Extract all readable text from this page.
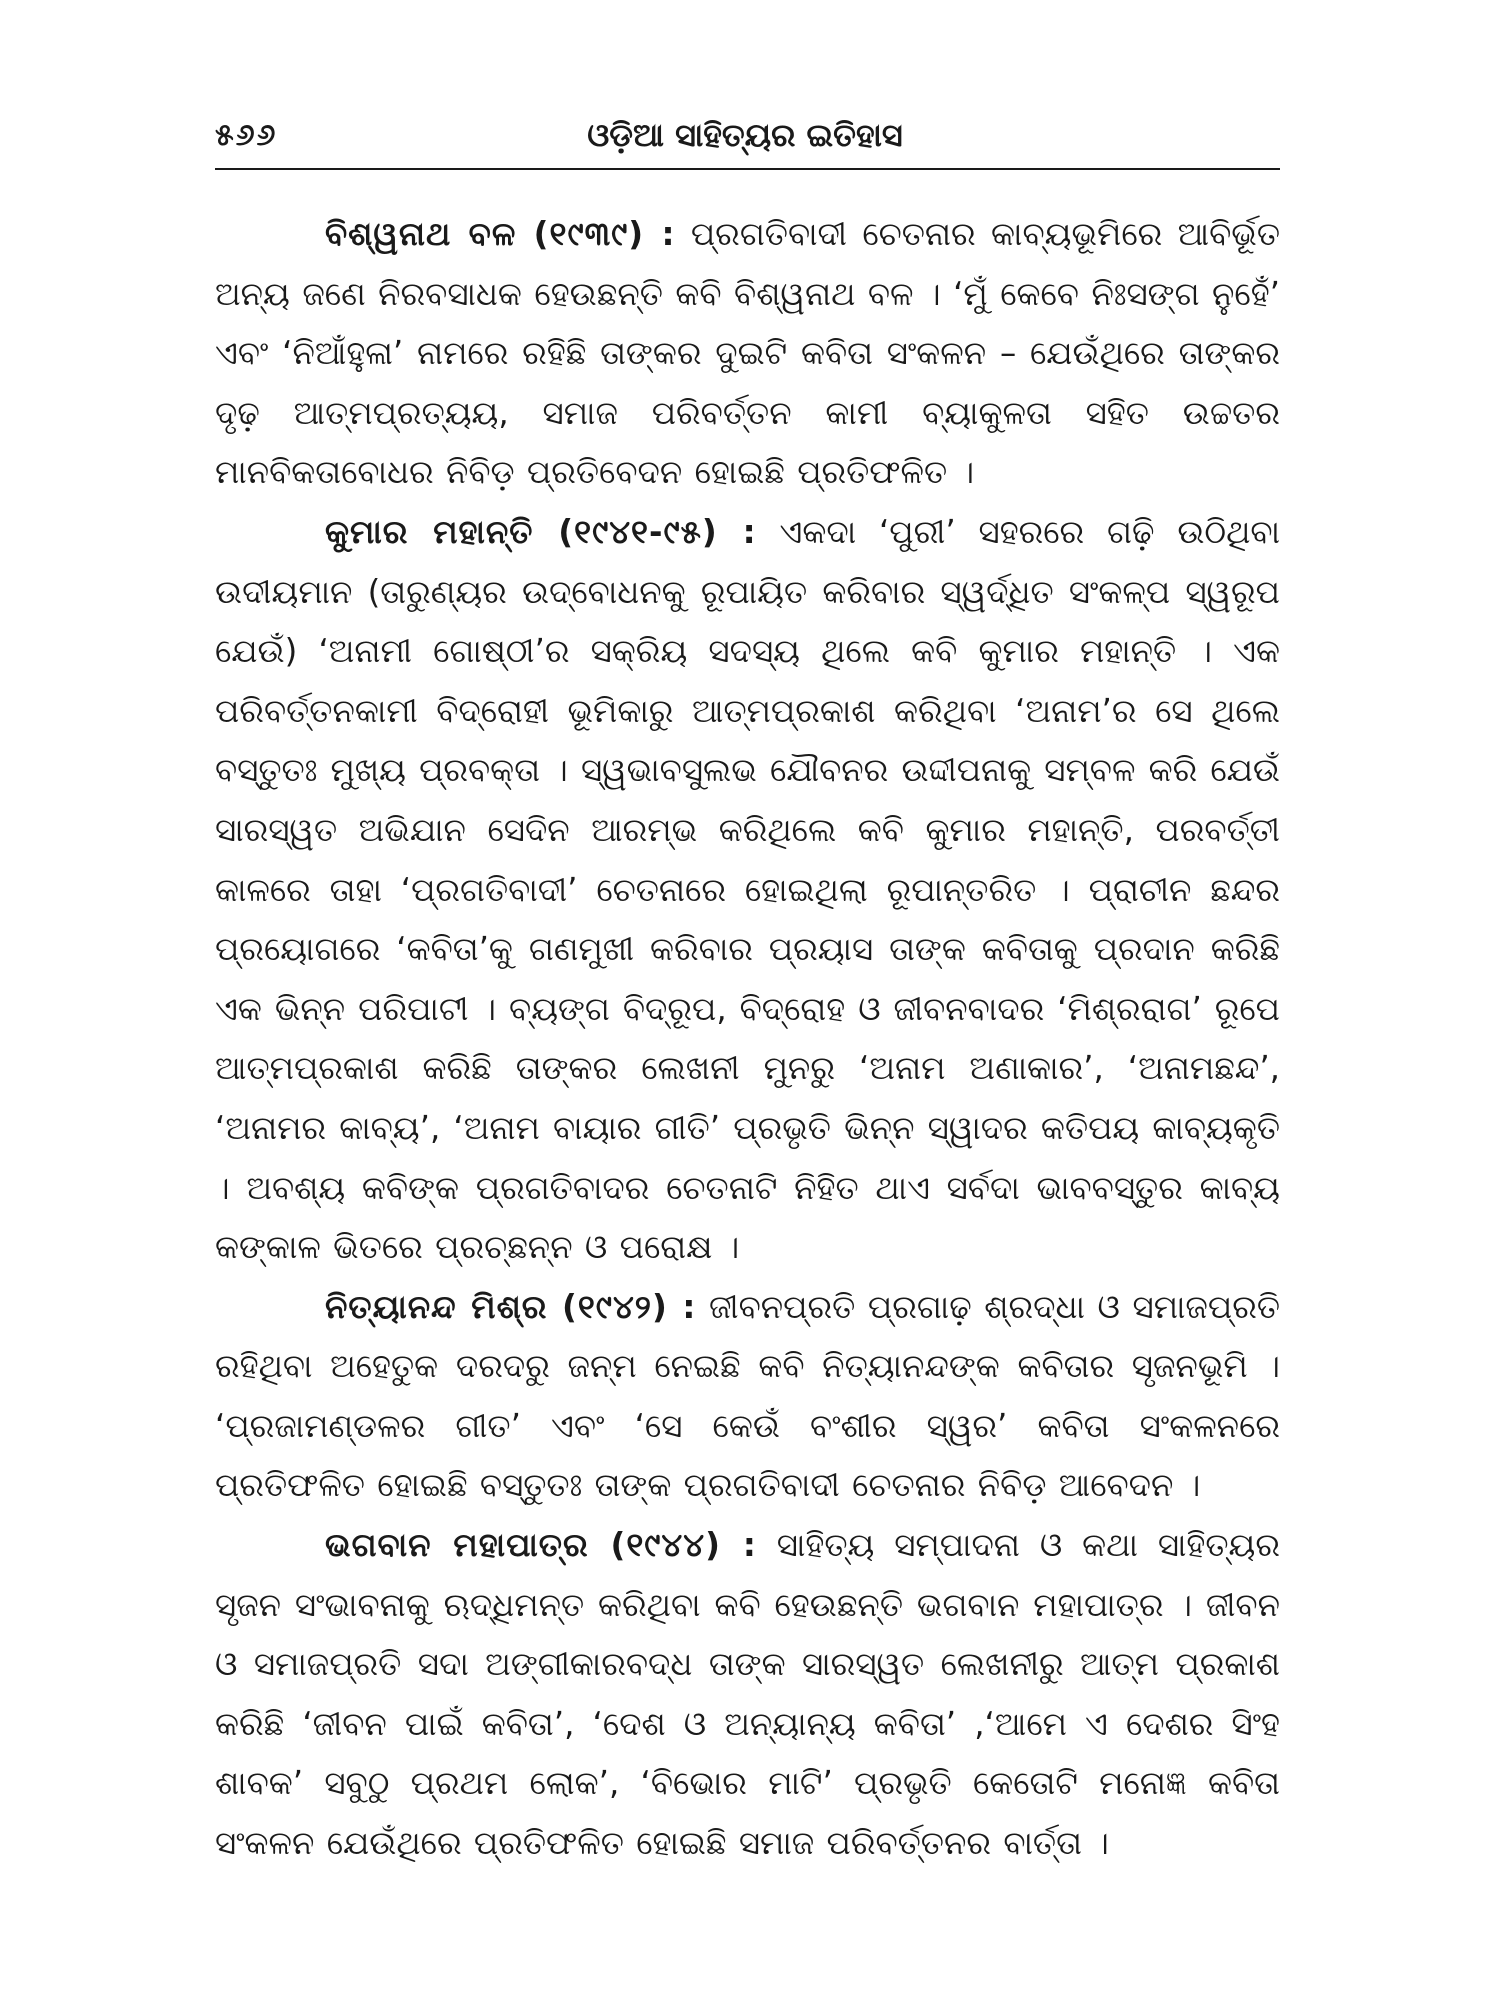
୫୬୬	ଓଡ଼ିଆ ସାହିତ୍ୟର ଇତିହାସ

ବିଶ୍ୱନାଥ ବଳ (୧୯୩୯) : ପ୍ରଗତିବାଦୀ ଚେତନାର କାବ୍ୟଭୂମିରେ ଆବିର୍ଭୂତ ଅନ୍ୟ ଜଣେ ନିରବସାଧକ ହେଉଛନ୍ତି କବି ବିଶ୍ୱନାଥ ବଳ । ‘ମୁଁ କେବେ ନିଃସଙ୍ଗ ନୁହେଁ’ ଏବଂ ‘ନିଆଁହୁଳା’ ନାମରେ ରହିଛି ତାଙ୍କର ଦୁଇଟି କବିତା ସଂକଳନ – ଯେଉଁଥିରେ ତାଙ୍କର ଦୃଢ଼ ଆତ୍ମପ୍ରତ୍ୟୟ, ସମାଜ ପରିବର୍ତ୍ତନ କାମୀ ବ୍ୟାକୁଳତା ସହିତ ଉଚ୍ଚତର ମାନବିକତାବୋଧର ନିବିଡ଼ ପ୍ରତିବେଦନ ହୋଇଛି ପ୍ରତିଫଳିତ ।

କୁମାର ମହାନ୍ତି (୧୯୪୧-୯୫) : ଏକଦା ‘ପୁରୀ’ ସହରରେ ଗଢ଼ି ଉଠିଥିବା ଉଦୀୟମାନ (ତାରୁଣ୍ୟର ଉଦ୍‌ବୋଧନକୁ ରୂପାୟିତ କରିବାର ସ୍ୱର୍ଦ୍ଧିତ ସଂକଳ୍ପ ସ୍ୱରୂପ ଯେଉଁ) ‘ଅନାମୀ ଗୋଷ୍ଠୀ’ର ସକ୍ରିୟ ସଦସ୍ୟ ଥିଲେ କବି କୁମାର ମହାନ୍ତି । ଏକ ପରିବର୍ତ୍ତନକାମୀ ବିଦ୍ରୋହୀ ଭୂମିକାରୁ ଆତ୍ମପ୍ରକାଶ କରିଥିବା ‘ଅନାମ’ର ସେ ଥିଲେ ବସ୍ତୁତଃ ମୁଖ୍ୟ ପ୍ରବକ୍ତା । ସ୍ୱଭାବସୁଲଭ ଯୌବନର ଉଦ୍ଦୀପନାକୁ ସମ୍ବଳ କରି ଯେଉଁ ସାରସ୍ୱତ ଅଭିଯାନ ସେଦିନ ଆରମ୍ଭ କରିଥିଲେ କବି କୁମାର ମହାନ୍ତି, ପରବର୍ତ୍ତୀ କାଳରେ ତାହା ‘ପ୍ରଗତିବାଦୀ’ ଚେତନାରେ ହୋଇଥିଲା ରୂପାନ୍ତରିତ । ପ୍ରାଚୀନ ଛନ୍ଦର ପ୍ରୟୋଗରେ ‘କବିତା’କୁ ଗଣମୁଖୀ କରିବାର ପ୍ରୟାସ ତାଙ୍କ କବିତାକୁ ପ୍ରଦାନ କରିଛି ଏକ ଭିନ୍ନ ପରିପାଟୀ । ବ୍ୟଙ୍ଗ ବିଦ୍ରୂପ, ବିଦ୍ରୋହ ଓ ଜୀବନବାଦର ‘ମିଶ୍ରରାଗ’ ରୂପେ ଆତ୍ମପ୍ରକାଶ କରିଛି ତାଙ୍କର ଲେଖନୀ ମୁନରୁ ‘ଅନାମ ଅଣାକାର’, ‘ଅନାମଛନ୍ଦ’, ‘ଅନାମର କାବ୍ୟ’, ‘ଅନାମ ବାୟାର ଗୀତି’ ପ୍ରଭୃତି ଭିନ୍ନ ସ୍ୱାଦର କତିପୟ କାବ୍ୟକୃତି । ଅବଶ୍ୟ କବିଙ୍କ ପ୍ରଗତିବାଦର ଚେତନାଟି ନିହିତ ଥାଏ ସର୍ବଦା ଭାବବସ୍ତୁର କାବ୍ୟ କଙ୍କାଳ ଭିତରେ ପ୍ରଚ୍ଛନ୍ନ ଓ ପରୋକ୍ଷ ।

ନିତ୍ୟାନନ୍ଦ ମିଶ୍ର (୧୯୪୨) : ଜୀବନପ୍ରତି ପ୍ରଗାଢ଼ ଶ୍ରଦ୍ଧା ଓ ସମାଜପ୍ରତି ରହିଥିବା ଅହେତୁକ ଦରଦରୁ ଜନ୍ମ ନେଇଛି କବି ନିତ୍ୟାନନ୍ଦଙ୍କ କବିତାର ସୃଜନଭୂମି । ‘ପ୍ରଜାମଣ୍ଡଳର ଗୀତ’ ଏବଂ ‘ସେ କେଉଁ ବଂଶୀର ସ୍ୱର’ କବିତା ସଂକଳନରେ ପ୍ରତିଫଳିତ ହୋଇଛି ବସ୍ତୁତଃ ତାଙ୍କ ପ୍ରଗତିବାଦୀ ଚେତନାର ନିବିଡ଼ ଆବେଦନ ।

ଭଗବାନ ମହାପାତ୍ର (୧୯୪୪) : ସାହିତ୍ୟ ସମ୍ପାଦନା ଓ କଥା ସାହିତ୍ୟର ସୃଜନ ସଂଭାବନାକୁ ଋଦ୍ଧିମନ୍ତ କରିଥିବା କବି ହେଉଛନ୍ତି ଭଗବାନ ମହାପାତ୍ର । ଜୀବନ ଓ ସମାଜପ୍ରତି ସଦା ଅଙ୍ଗୀକାରବଦ୍ଧ ତାଙ୍କ ସାରସ୍ୱତ ଲେଖନୀରୁ ଆତ୍ମ ପ୍ରକାଶ କରିଛି ‘ଜୀବନ ପାଇଁ କବିତା’, ‘ଦେଶ ଓ ଅନ୍ୟାନ୍ୟ କବିତା’ ,‘ଆମେ ଏ ଦେଶର ସିଂହ ଶାବକ’ ସବୁଠୁ ପ୍ରଥମ ଲୋକ’, ‘ବିଭୋର ମାଟି’ ପ୍ରଭୃତି କେତୋଟି ମନୋଜ୍ଞ କବିତା ସଂକଳନ ଯେଉଁଥିରେ ପ୍ରତିଫଳିତ ହୋଇଛି ସମାଜ ପରିବର୍ତ୍ତନର ବାର୍ତ୍ତା ।
